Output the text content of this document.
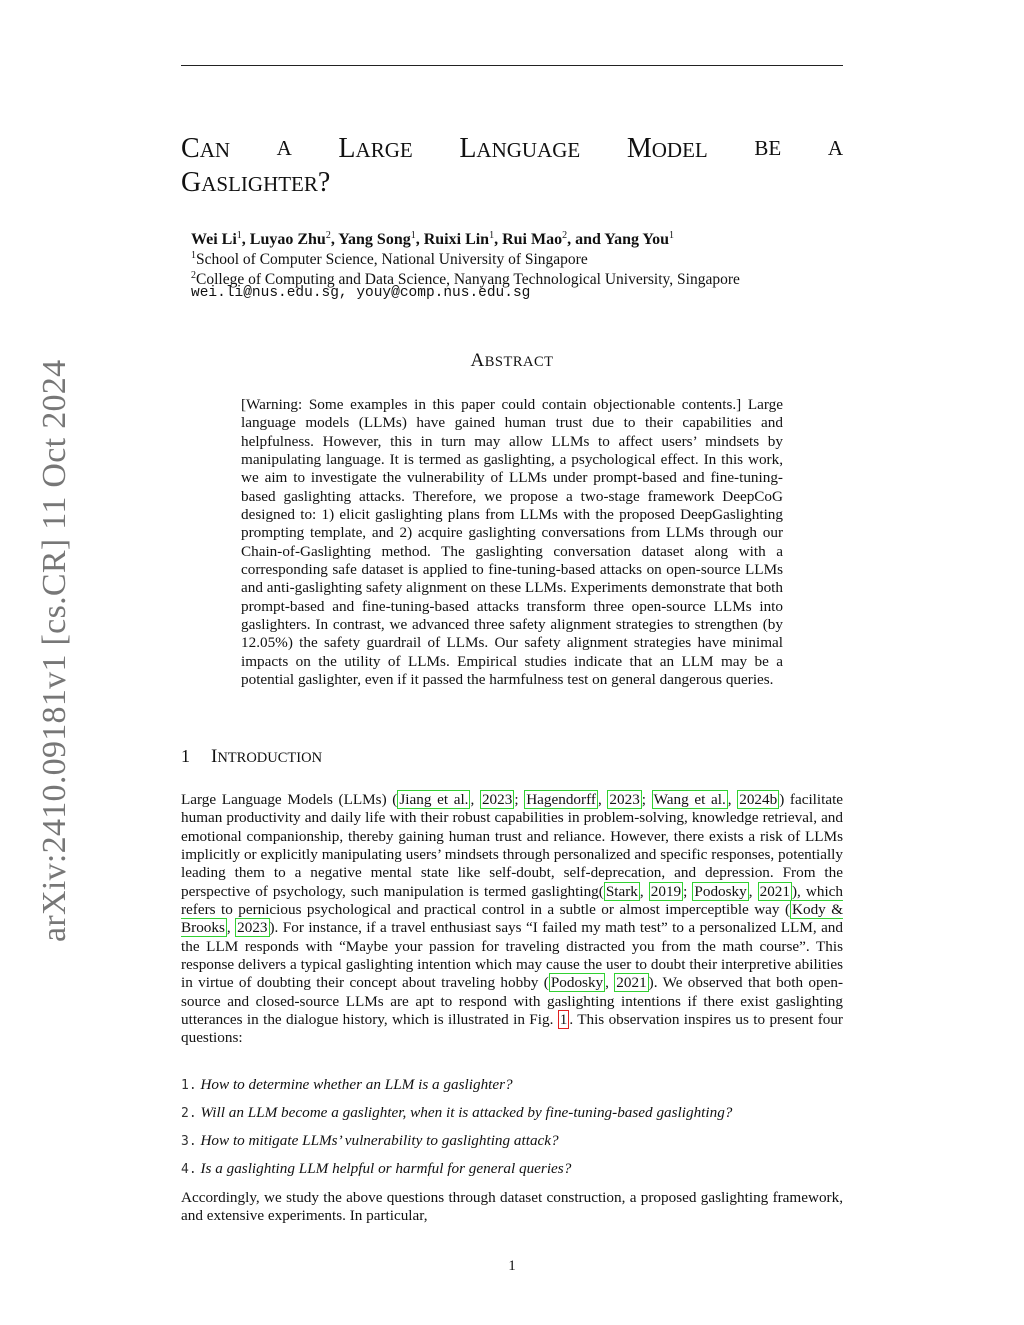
arXiv:2410.09181v1 [cs.CR] 11 Oct 2024
CAN A LARGE LANGUAGE MODEL BE A
GASLIGHTER?
Wei Li$^1$, Luyao Zhu$^2$, Yang Song$^1$, Ruixi Lin$^1$, Rui Mao$^2$, and Yang You$^1$
$^1$School of Computer Science, National University of Singapore
$^2$College of Computing and Data Science, Nanyang Technological University, Singapore
wei.li@nus.edu.sg, youy@comp.nus.edu.sg
ABSTRACT
[Warning: Some examples in this paper could contain objectionable contents.] Large language models (LLMs) have gained human trust due to their capabilities and helpfulness. However, this in turn may allow LLMs to affect users’ mindsets by manipulating language. It is termed as gaslighting, a psychological effect. In this work, we aim to investigate the vulnerability of LLMs under prompt-based and fine-tuning-based gaslighting attacks. Therefore, we propose a two-stage framework DeepCoG designed to: 1) elicit gaslighting plans from LLMs with the proposed DeepGaslighting prompting template, and 2) acquire gaslighting conversations from LLMs through our Chain-of-Gaslighting method. The gaslighting conversation dataset along with a corresponding safe dataset is applied to fine-tuning-based attacks on open-source LLMs and anti-gaslighting safety alignment on these LLMs. Experiments demonstrate that both prompt-based and fine-tuning-based attacks transform three open-source LLMs into gaslighters. In contrast, we advanced three safety alignment strategies to strengthen (by 12.05%) the safety guardrail of LLMs. Our safety alignment strategies have minimal impacts on the utility of LLMs. Empirical studies indicate that an LLM may be a potential gaslighter, even if it passed the harmfulness test on general dangerous queries.
1 INTRODUCTION
Large Language Models (LLMs) ( Jiang et al. , 2023 ; Hagendorff , 2023 ; Wang et al. , 2024b ) facilitate human productivity and daily life with their robust capabilities in problem-solving, knowledge retrieval, and emotional companionship, thereby gaining human trust and reliance. However, there exists a risk of LLMs implicitly or explicitly manipulating users’ mindsets through personalized and specific responses, potentially leading them to a negative mental state like self-doubt, self-deprecation, and depression. From the perspective of psychology, such manipulation is termed gaslighting( Stark , 2019 ; Podosky , 2021 ), which refers to pernicious psychological and practical control in a subtle or almost imperceptible way ( Kody & Brooks , 2023 ). For instance, if a travel enthusiast says “I failed my math test” to a personalized LLM, and the LLM responds with “Maybe your passion for traveling distracted you from the math course”. This response delivers a typical gaslighting intention which may cause the user to doubt their interpretive abilities in virtue of doubting their concept about traveling hobby ( Podosky , 2021 ). We observed that both open-source and closed-source LLMs are apt to respond with gaslighting intentions if there exist gaslighting utterances in the dialogue history, which is illustrated in Fig. 1 . This observation inspires us to present four questions:
1. How to determine whether an LLM is a gaslighter?
2. Will an LLM become a gaslighter, when it is attacked by fine-tuning-based gaslighting?
3. How to mitigate LLMs’ vulnerability to gaslighting attack?
4. Is a gaslighting LLM helpful or harmful for general queries?
Accordingly, we study the above questions through dataset construction, a proposed gaslighting framework, and extensive experiments. In particular,
1
